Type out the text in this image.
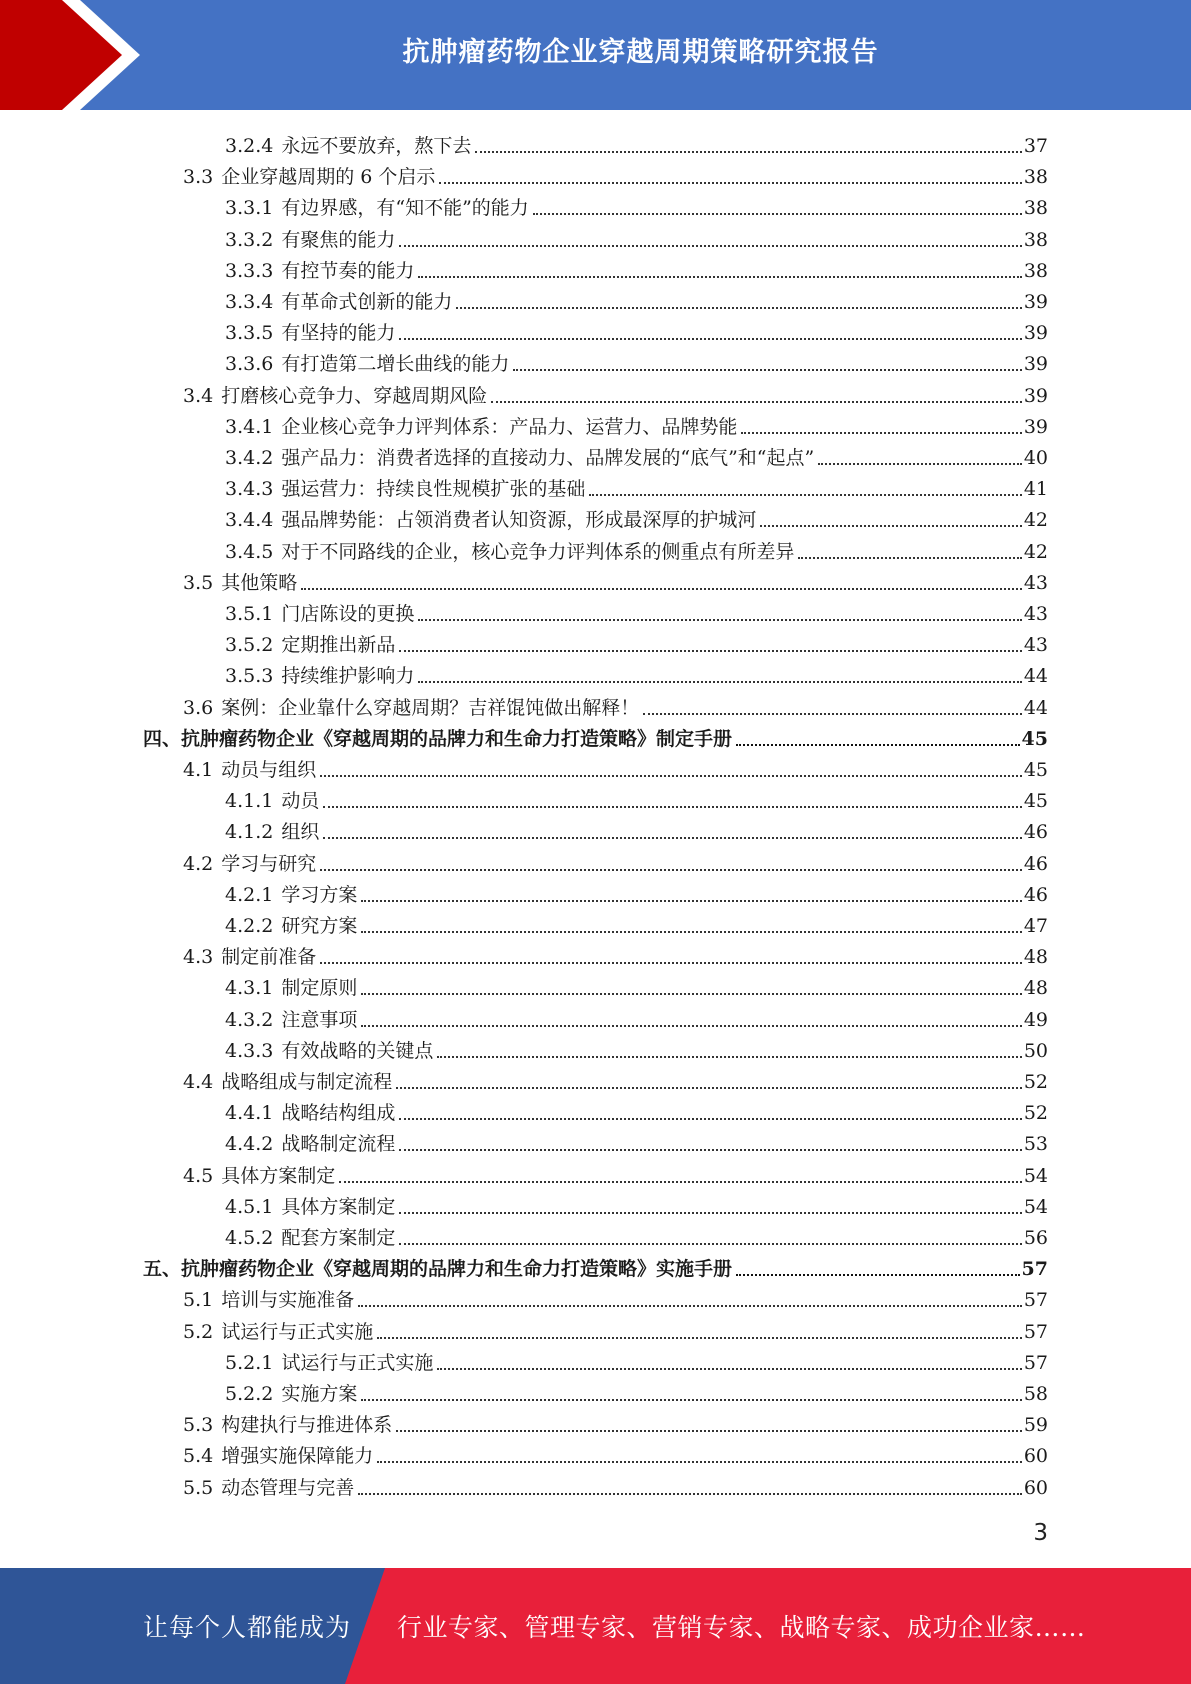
抗肿瘤药物企业穿越周期策略研究报告
3.2.4 永远不要放弃，熬下去	37
3.3 企业穿越周期的 6 个启示	38
3.3.1 有边界感，有“知不能”的能力	38
3.3.2 有聚焦的能力	38
3.3.3 有控节奏的能力	38
3.3.4 有革命式创新的能力	39
3.3.5 有坚持的能力	39
3.3.6 有打造第二增长曲线的能力	39
3.4 打磨核心竞争力、穿越周期风险	39
3.4.1 企业核心竞争力评判体系：产品力、运营力、品牌势能	39
3.4.2 强产品力：消费者选择的直接动力、品牌发展的“底气”和“起点”	40
3.4.3 强运营力：持续良性规模扩张的基础	41
3.4.4 强品牌势能：占领消费者认知资源，形成最深厚的护城河	42
3.4.5 对于不同路线的企业，核心竞争力评判体系的侧重点有所差异	42
3.5 其他策略	43
3.5.1 门店陈设的更换	43
3.5.2 定期推出新品	43
3.5.3 持续维护影响力	44
3.6 案例：企业靠什么穿越周期？吉祥馄饨做出解释！	44
四、 抗肿瘤药物企业《穿越周期的品牌力和生命力打造策略》制定手册	45
4.1 动员与组织	45
4.1.1 动员	45
4.1.2 组织	46
4.2 学习与研究	46
4.2.1 学习方案	46
4.2.2 研究方案	47
4.3 制定前准备	48
4.3.1 制定原则	48
4.3.2 注意事项	49
4.3.3 有效战略的关键点	50
4.4 战略组成与制定流程	52
4.4.1 战略结构组成	52
4.4.2 战略制定流程	53
4.5 具体方案制定	54
4.5.1 具体方案制定	54
4.5.2 配套方案制定	56
五、 抗肿瘤药物企业《穿越周期的品牌力和生命力打造策略》实施手册	57
5.1 培训与实施准备	57
5.2 试运行与正式实施	57
5.2.1 试运行与正式实施	57
5.2.2 实施方案	58
5.3 构建执行与推进体系	59
5.4 增强实施保障能力	60
5.5 动态管理与完善	60
3
让每个人都能成为 行业专家、管理专家、营销专家、战略专家、成功企业家……
